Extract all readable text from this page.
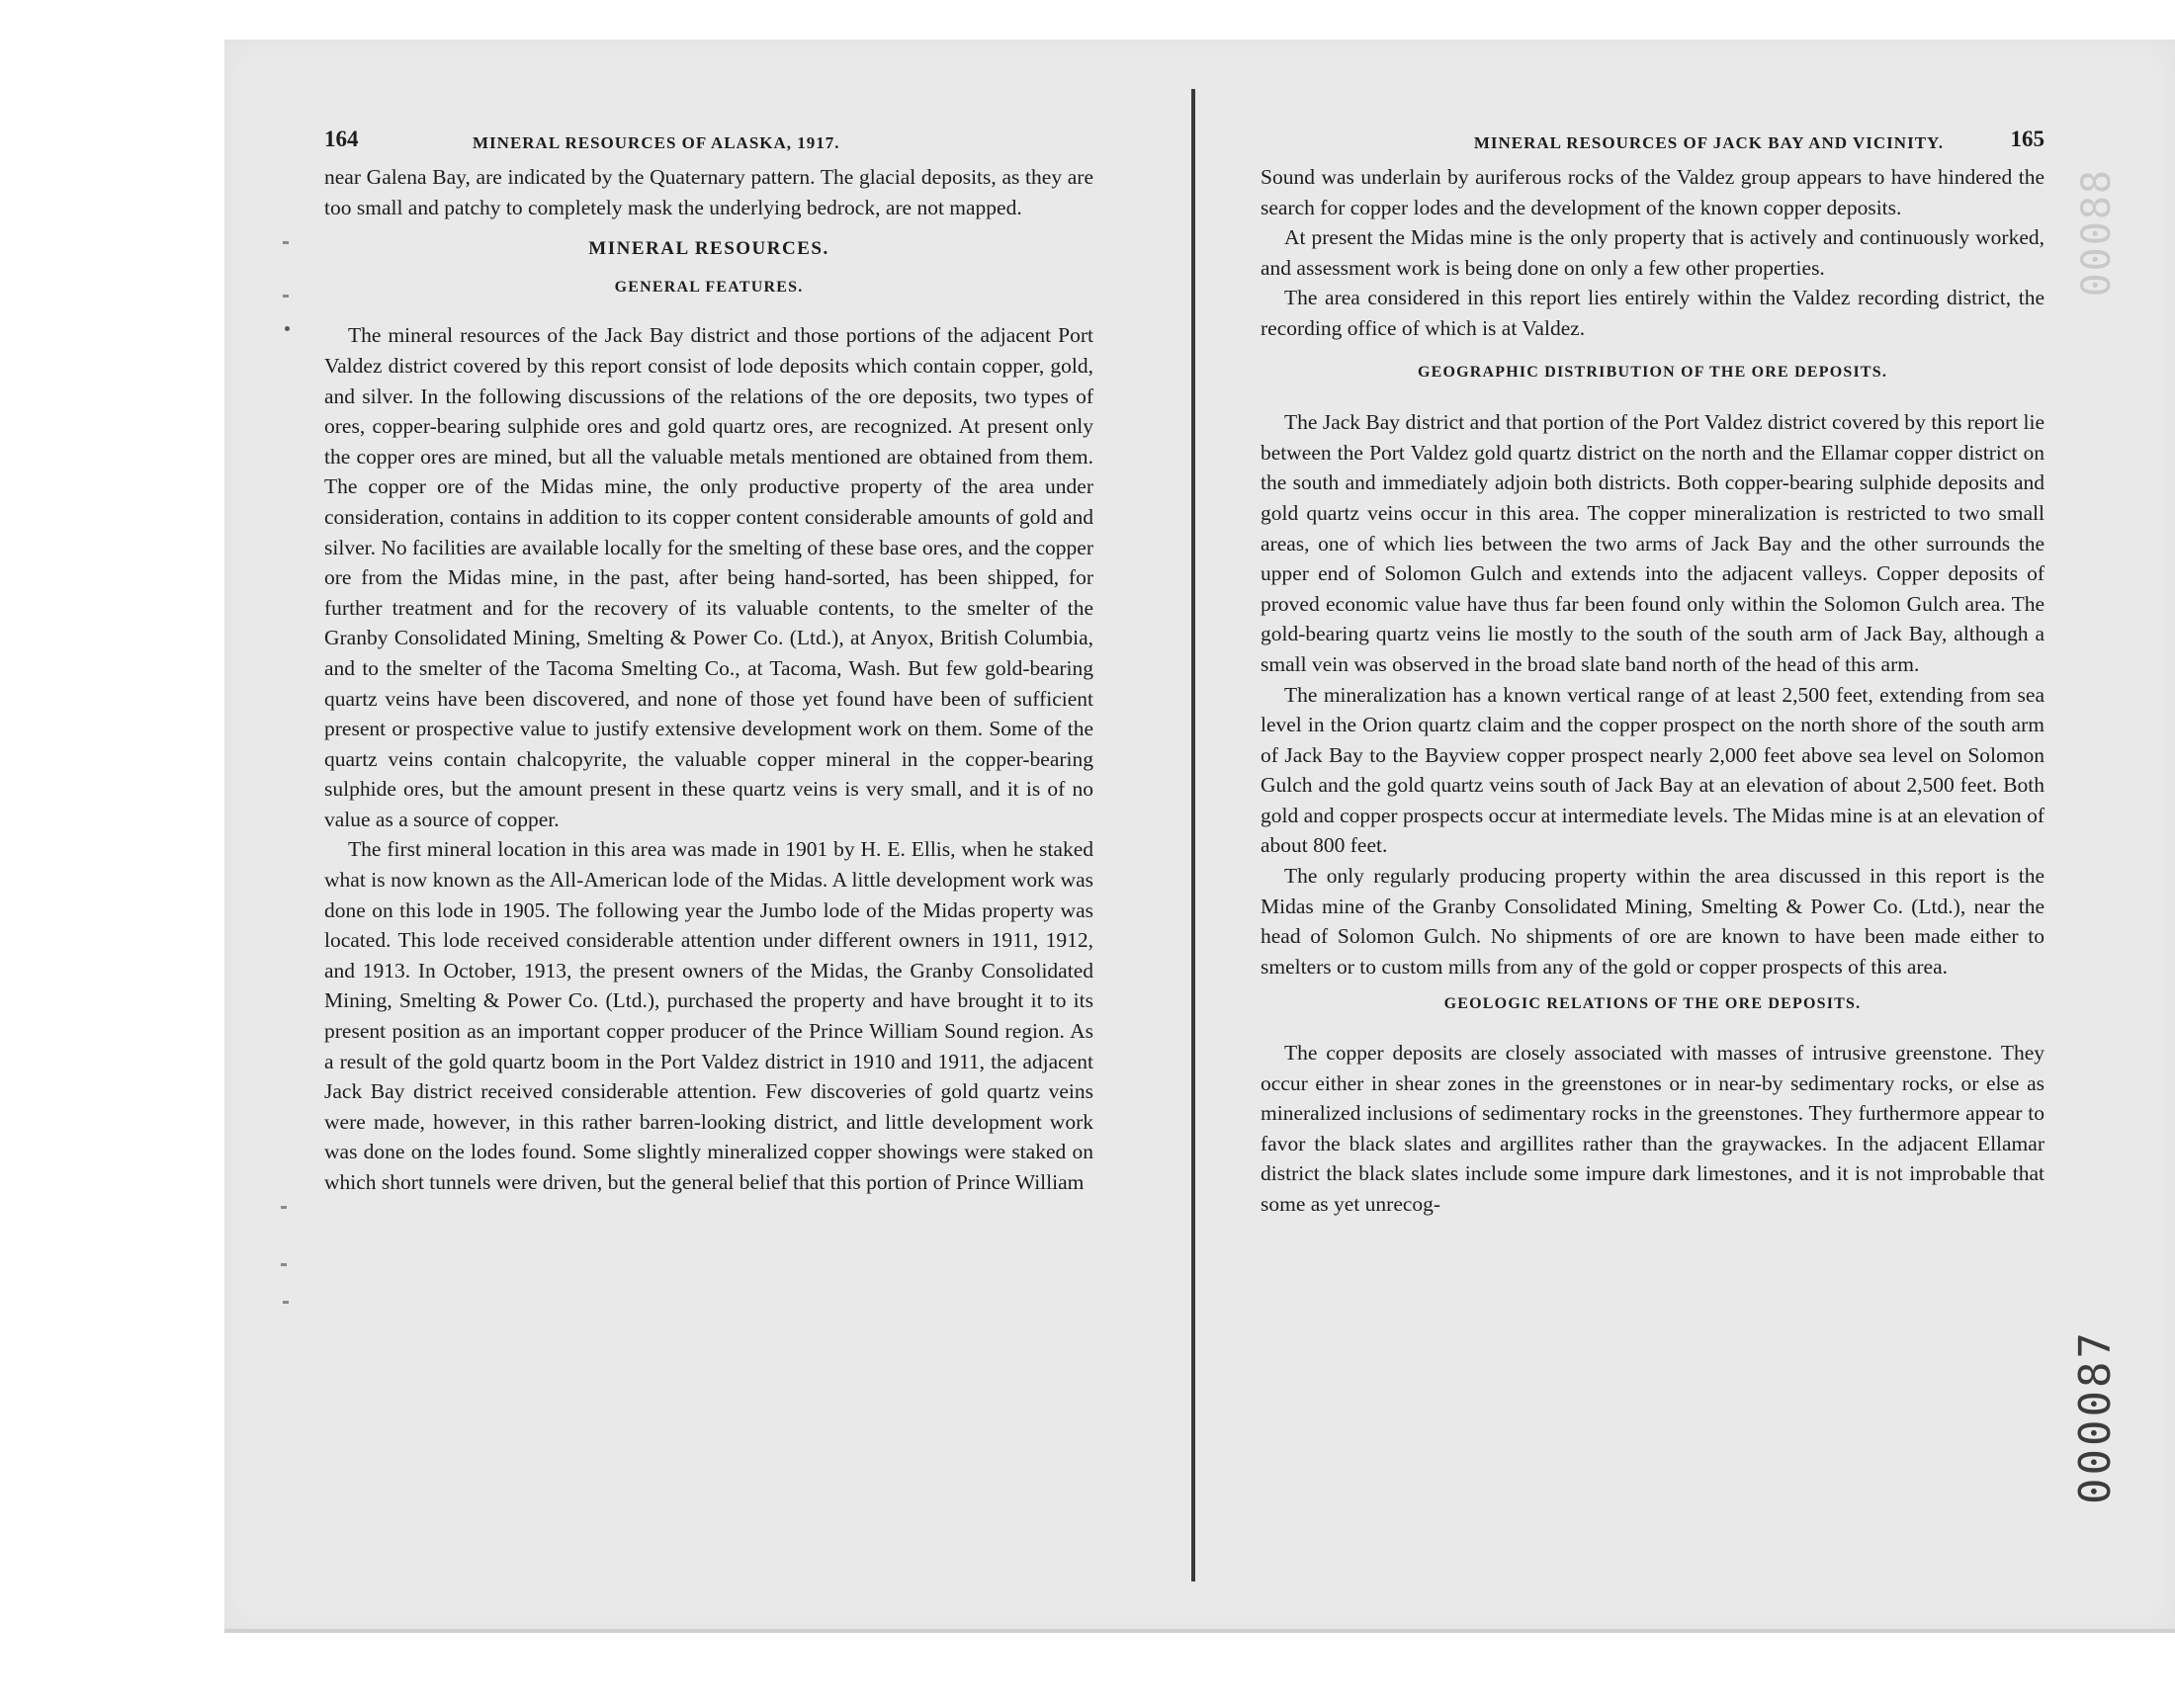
164	MINERAL RESOURCES OF ALASKA, 1917.

near Galena Bay, are indicated by the Quaternary pattern. The glacial deposits, as they are too small and patchy to completely mask the underlying bedrock, are not mapped.

MINERAL RESOURCES.
GENERAL FEATURES.

The mineral resources of the Jack Bay district and those portions of the adjacent Port Valdez district covered by this report consist of lode deposits which contain copper, gold, and silver. In the following discussions of the relations of the ore deposits, two types of ores, copper-bearing sulphide ores and gold quartz ores, are recognized. At present only the copper ores are mined, but all the valuable metals mentioned are obtained from them. The copper ore of the Midas mine, the only productive property of the area under consideration, contains in addition to its copper content considerable amounts of gold and silver. No facilities are available locally for the smelting of these base ores, and the copper ore from the Midas mine, in the past, after being hand-sorted, has been shipped, for further treatment and for the recovery of its valuable contents, to the smelter of the Granby Consolidated Mining, Smelting & Power Co. (Ltd.), at Anyox, British Columbia, and to the smelter of the Tacoma Smelting Co., at Tacoma, Wash. But few gold-bearing quartz veins have been discovered, and none of those yet found have been of sufficient present or prospective value to justify extensive development work on them. Some of the quartz veins contain chalcopyrite, the valuable copper mineral in the copper-bearing sulphide ores, but the amount present in these quartz veins is very small, and it is of no value as a source of copper.

The first mineral location in this area was made in 1901 by H. E. Ellis, when he staked what is now known as the All-American lode of the Midas. A little development work was done on this lode in 1905. The following year the Jumbo lode of the Midas property was located. This lode received considerable attention under different owners in 1911, 1912, and 1913. In October, 1913, the present owners of the Midas, the Granby Consolidated Mining, Smelting & Power Co. (Ltd.), purchased the property and have brought it to its present position as an important copper producer of the Prince William Sound region. As a result of the gold quartz boom in the Port Valdez district in 1910 and 1911, the adjacent Jack Bay district received considerable attention. Few discoveries of gold quartz veins were made, however, in this rather barren-looking district, and little development work was done on the lodes found. Some slightly mineralized copper showings were staked on which short tunnels were driven, but the general belief that this portion of Prince William

MINERAL RESOURCES OF JACK BAY AND VICINITY.	165

Sound was underlain by auriferous rocks of the Valdez group appears to have hindered the search for copper lodes and the development of the known copper deposits.

At present the Midas mine is the only property that is actively and continuously worked, and assessment work is being done on only a few other properties.

The area considered in this report lies entirely within the Valdez recording district, the recording office of which is at Valdez.

GEOGRAPHIC DISTRIBUTION OF THE ORE DEPOSITS.

The Jack Bay district and that portion of the Port Valdez district covered by this report lie between the Port Valdez gold quartz district on the north and the Ellamar copper district on the south and immediately adjoin both districts. Both copper-bearing sulphide deposits and gold quartz veins occur in this area. The copper mineralization is restricted to two small areas, one of which lies between the two arms of Jack Bay and the other surrounds the upper end of Solomon Gulch and extends into the adjacent valleys. Copper deposits of proved economic value have thus far been found only within the Solomon Gulch area. The gold-bearing quartz veins lie mostly to the south of the south arm of Jack Bay, although a small vein was observed in the broad slate band north of the head of this arm.

The mineralization has a known vertical range of at least 2,500 feet, extending from sea level in the Orion quartz claim and the copper prospect on the north shore of the south arm of Jack Bay to the Bayview copper prospect nearly 2,000 feet above sea level on Solomon Gulch and the gold quartz veins south of Jack Bay at an elevation of about 2,500 feet. Both gold and copper prospects occur at intermediate levels. The Midas mine is at an elevation of about 800 feet.

The only regularly producing property within the area discussed in this report is the Midas mine of the Granby Consolidated Mining, Smelting & Power Co. (Ltd.), near the head of Solomon Gulch. No shipments of ore are known to have been made either to smelters or to custom mills from any of the gold or copper prospects of this area.

GEOLOGIC RELATIONS OF THE ORE DEPOSITS.

The copper deposits are closely associated with masses of intrusive greenstone. They occur either in shear zones in the greenstones or in near-by sedimentary rocks, or else as mineralized inclusions of sedimentary rocks in the greenstones. They furthermore appear to favor the black slates and argillites rather than the graywackes. In the adjacent Ellamar district the black slates include some impure dark limestones, and it is not improbable that some as yet unrecog-

00088
000087
